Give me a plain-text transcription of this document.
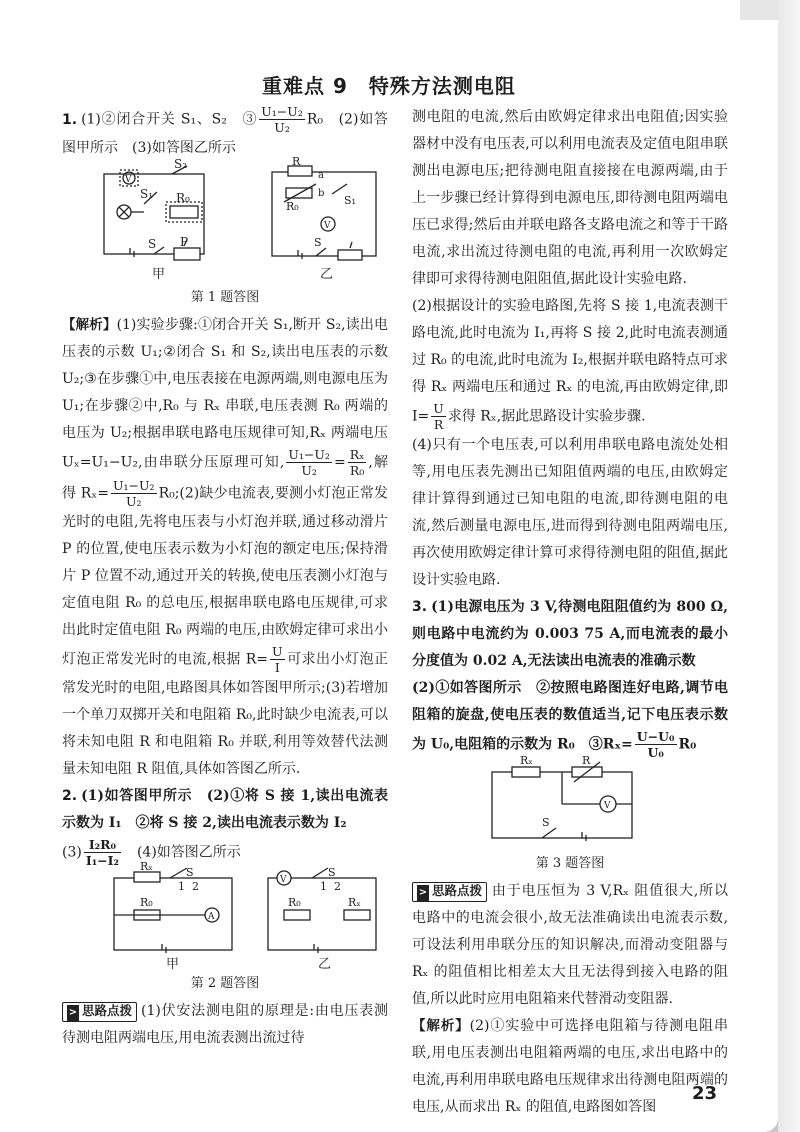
重难点 9　特殊方法测电阻

1. (1)②闭合开关 S₁、S₂　③ $\frac{\text{U₁−U₂}}{\text{U₂}} R_0$　(2)如答图甲所示　(3)如答图乙所示

V
S₂
S₁ R₀
S P
甲
R
a
b
V
R₀	S₁
S
乙
第 1 题答图

【解析】(1)实验步骤:①闭合开关 S₁,断开 S₂,读出电压表的示数 U₁;②闭合 S₁ 和 S₂,读出电压表的示数 U₂;③在步骤①中,电压表接在电源两端,则电源电压为 U₁;在步骤②中,R₀ 与 Rₓ 串联,电压表测 R₀ 两端的电压为 U₂;根据串联电路电压规律可知,Rₓ 两端电压 Uₓ=U₁−U₂,由串联分压原理可知, $\frac{\text{U₁−U₂}}{\text{U₂}} = \frac{\text{Rₓ}}{\text{R₀}}$ ,解得 $R_x= \frac{\text{U₁−U₂}}{\text{U₂}}$ R₀;(2)缺少电流表,要测小灯泡正常发光时的电阻,先将电压表与小灯泡并联,通过移动滑片 P 的位置,使电压表示数为小灯泡的额定电压;保持滑片 P 位置不动,通过开关的转换,使电压表测小灯泡与定值电阻 R₀ 的总电压,根据串联电路电压规律,可求出此时定值电阻 R₀ 两端的电压,由欧姆定律可求出小灯泡正常发光时的电流,根据 $R= \frac{U}{I}$ 可求出小灯泡正常发光时的电阻,电路图具体如答图甲所示;(3)若增加一个单刀双掷开关和电阻箱 R₀,此时缺少电流表,可以将未知电阻 R 和电阻箱 R₀ 并联,利用等效替代法测量未知电阻 R 阻值,具体如答图乙所示.

2. (1)如答图甲所示　(2)①将 S 接 1,读出电流表示数为 I₁　②将 S 接 2,读出电流表示数为 I₂

$(3) \frac{\text{I₂R₀}}{\text{I₁−I₂}}$ 　(4)如答图乙所示

Rₓ
R₀
A
S
1 2
甲
V
S
R₀	Rₓ
1 2
乙
第 2 题答图

> 思路点拨 (1)伏安法测电阻的原理是:由电压表测待测电阻两端电压,用电流表测出流过待

测电阻的电流,然后由欧姆定律求出电阻值;因实验器材中没有电压表,可以利用电流表及定值电阻串联测出电源电压;把待测电阻直接接在电源两端,由于上一步骤已经计算得到电源电压,即待测电阻两端电压已求得;然后由并联电路各支路电流之和等于干路电流,求出流过待测电阻的电流,再利用一次欧姆定律即可求得待测电阻阻值,据此设计实验电路.

(2)根据设计的实验电路图,先将 S 接 1,电流表测干路电流,此时电流为 I₁,再将 S 接 2,此时电流表测通过 R₀ 的电流,此时电流为 I₂,根据并联电路特点可求得 Rₓ 两端电压和通过 Rₓ 的电流,再由欧姆定律,即 $I= \frac{U}{R}$ 求得 Rₓ,据此思路设计实验步骤.

(4)只有一个电压表,可以利用串联电路电流处处相等,用电压表先测出已知阻值两端的电压,由欧姆定律计算得到通过已知电阻的电流,即待测电阻的电流,然后测量电源电压,进而得到待测电阻两端电压,再次使用欧姆定律计算可求得待测电阻的阻值,据此设计实验电路.

3. (1)电源电压为 3 V,待测电阻阻值约为 800 Ω,则电路中电流约为 0.003 75 A,而电流表的最小分度值为 0.02 A,无法读出电流表的准确示数

(2)①如答图所示　②按照电路图连好电路,调节电阻箱的旋盘,使电压表的数值适当,记下电压表示数为 U₀,电阻箱的示数为 R₀　③Rₓ= $\frac{\text{U−U₀}}{\text{U₀}} R_0$

Rₓ	R
V
S
第 3 题答图

> 思路点拨 由于电压恒为 3 V,Rₓ 阻值很大,所以电路中的电流会很小,故无法准确读出电流表示数,可设法利用串联分压的知识解决,而滑动变阻器与 Rₓ 的阻值相比相差太大且无法得到接入电路的阻值,所以此时应用电阻箱来代替滑动变阻器.

【解析】(2)①实验中可选择电阻箱与待测电阻串联,用电压表测出电阻箱两端的电压,求出电路中的电流,再利用串联电路电压规律求出待测电阻两端的电压,从而求出 Rₓ 的阻值,电路图如答图

23
